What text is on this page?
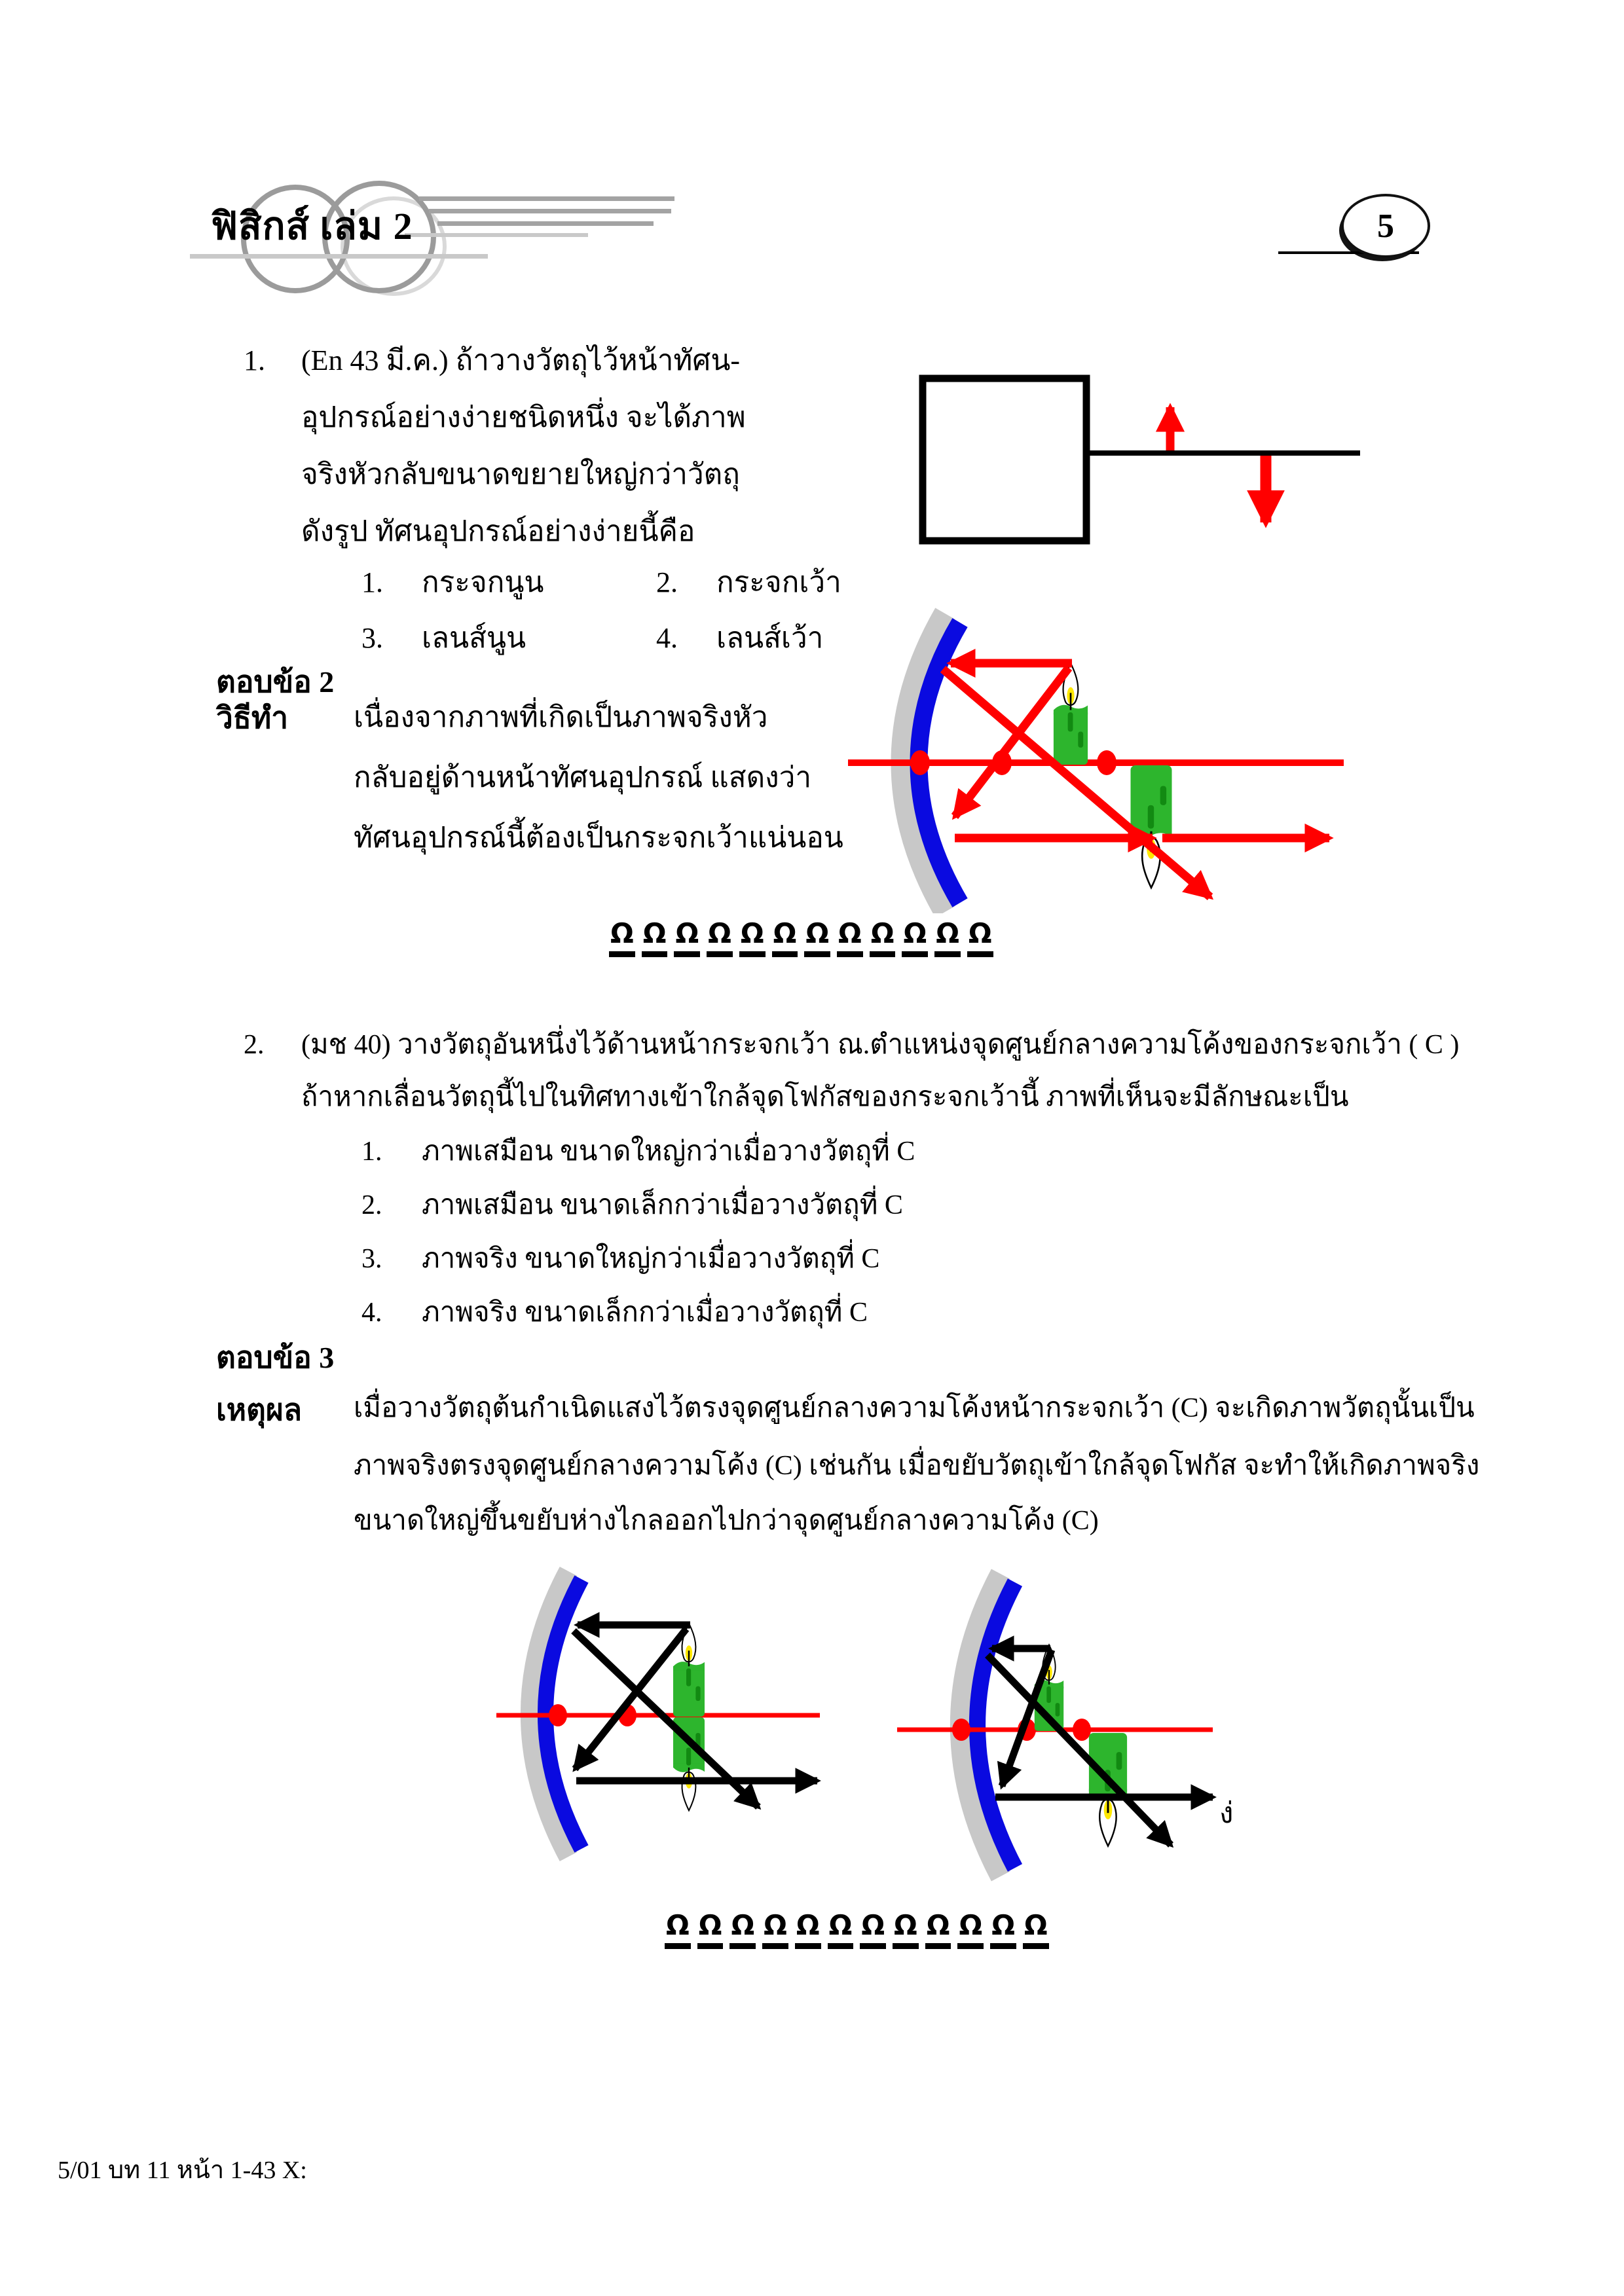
ฟิสิกส์ เล่ม 2	5
1. (En 43 มี.ค.) ถ้าวางวัตถุไว้หน้าทัศน-
อุปกรณ์อย่างง่ายชนิดหนึ่ง จะได้ภาพ
จริงหัวกลับขนาดขยายใหญ่กว่าวัตถุ
ดังรูป ทัศนอุปกรณ์อย่างง่ายนี้คือ
1. กระจกนูน	2. กระจกเว้า
3. เลนส์นูน	4. เลนส์เว้า
ตอบข้อ 2
วิธีทำ เนื่องจากภาพที่เกิดเป็นภาพจริงหัว
กลับอยู่ด้านหน้าทัศนอุปกรณ์ แสดงว่า
ทัศนอุปกรณ์นี้ต้องเป็นกระจกเว้าแน่นอน
Ω Ω Ω Ω Ω Ω Ω Ω Ω Ω Ω Ω
2. (มช 40) วางวัตถุอันหนึ่งไว้ด้านหน้ากระจกเว้า ณ.ตำแหน่งจุดศูนย์กลางความโค้งของกระจกเว้า ( C )
ถ้าหากเลื่อนวัตถุนี้ไปในทิศทางเข้าใกล้จุดโฟกัสของกระจกเว้านี้ ภาพที่เห็นจะมีลักษณะเป็น
1. ภาพเสมือน ขนาดใหญ่กว่าเมื่อวางวัตถุที่ C
2. ภาพเสมือน ขนาดเล็กกว่าเมื่อวางวัตถุที่ C
3. ภาพจริง ขนาดใหญ่กว่าเมื่อวางวัตถุที่ C
4. ภาพจริง ขนาดเล็กกว่าเมื่อวางวัตถุที่ C
ตอบข้อ 3
เหตุผล เมื่อวางวัตถุต้นกำเนิดแสงไว้ตรงจุดศูนย์กลางความโค้งหน้ากระจกเว้า (C) จะเกิดภาพวัตถุนั้นเป็น
ภาพจริงตรงจุดศูนย์กลางความโค้ง (C) เช่นกัน เมื่อขยับวัตถุเข้าใกล้จุดโฟกัส จะทำให้เกิดภาพจริง
ขนาดใหญ่ขึ้นขยับห่างไกลออกไปกว่าจุดศูนย์กลางความโค้ง (C)
ง่
Ω Ω Ω Ω Ω Ω Ω Ω Ω Ω Ω Ω
5/01 บท 11 หน้า 1-43 X:
